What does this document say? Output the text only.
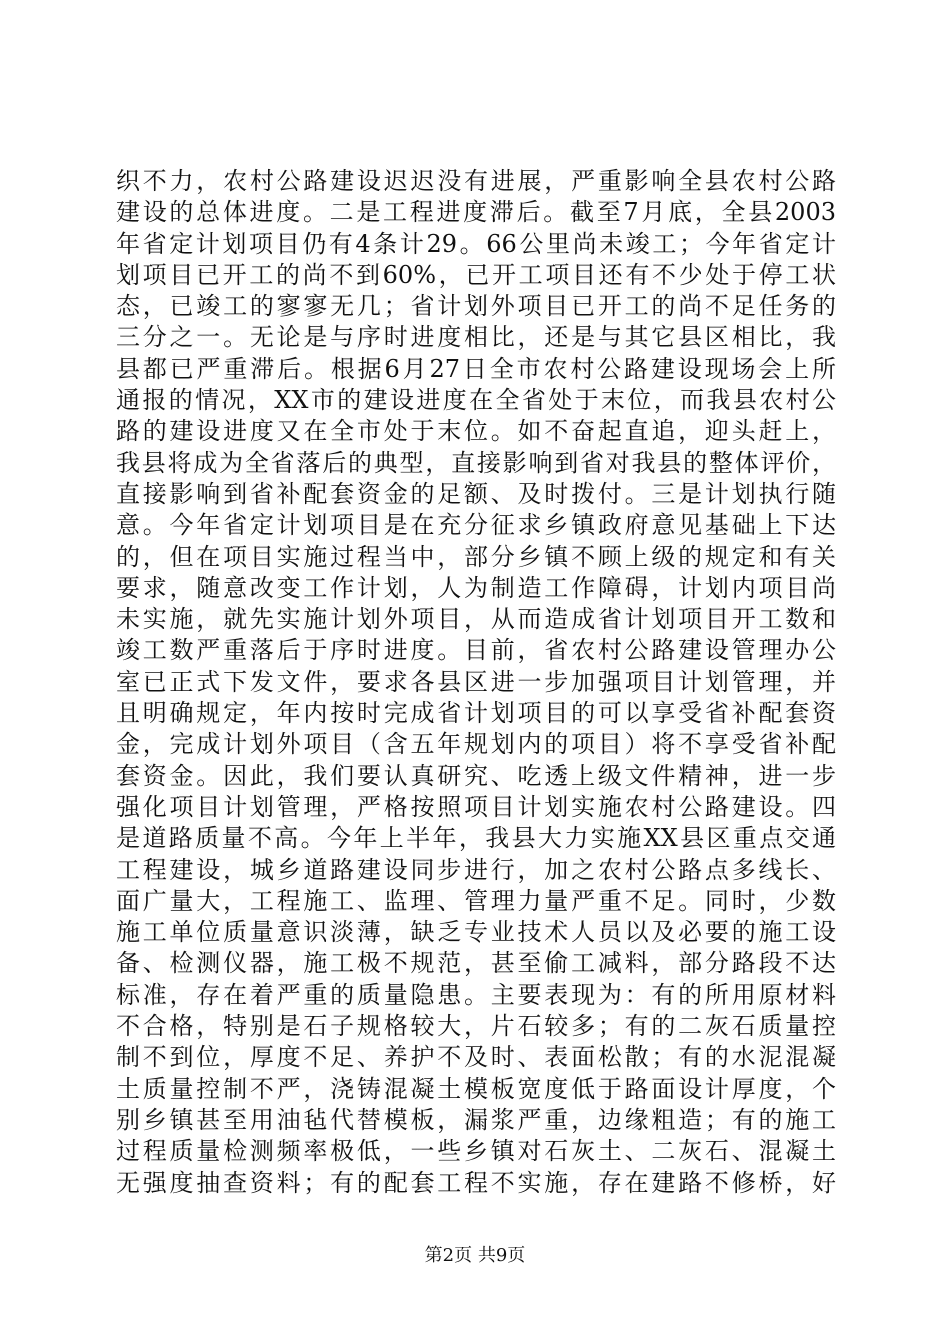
织不力，农村公路建设迟迟没有进展，严重影响全县农村公路
建设的总体进度。二是工程进度滞后。截至7月底，全县2003
年省定计划项目仍有4条计29。66公里尚未竣工；今年省定计
划项目已开工的尚不到60%，已开工项目还有不少处于停工状
态，已竣工的寥寥无几；省计划外项目已开工的尚不足任务的
三分之一。无论是与序时进度相比，还是与其它县区相比，我
县都已严重滞后。根据6月27日全市农村公路建设现场会上所
通报的情况，XX市的建设进度在全省处于末位，而我县农村公
路的建设进度又在全市处于末位。如不奋起直追，迎头赶上，
我县将成为全省落后的典型，直接影响到省对我县的整体评价，
直接影响到省补配套资金的足额、及时拨付。三是计划执行随
意。今年省定计划项目是在充分征求乡镇政府意见基础上下达
的，但在项目实施过程当中，部分乡镇不顾上级的规定和有关
要求，随意改变工作计划，人为制造工作障碍，计划内项目尚
未实施，就先实施计划外项目，从而造成省计划项目开工数和
竣工数严重落后于序时进度。目前，省农村公路建设管理办公
室已正式下发文件，要求各县区进一步加强项目计划管理，并
且明确规定，年内按时完成省计划项目的可以享受省补配套资
金，完成计划外项目（含五年规划内的项目）将不享受省补配
套资金。因此，我们要认真研究、吃透上级文件精神，进一步
强化项目计划管理，严格按照项目计划实施农村公路建设。四
是道路质量不高。今年上半年，我县大力实施XX县区重点交通
工程建设，城乡道路建设同步进行，加之农村公路点多线长、
面广量大，工程施工、监理、管理力量严重不足。同时，少数
施工单位质量意识淡薄，缺乏专业技术人员以及必要的施工设
备、检测仪器，施工极不规范，甚至偷工减料，部分路段不达
标准，存在着严重的质量隐患。主要表现为：有的所用原材料
不合格，特别是石子规格较大，片石较多；有的二灰石质量控
制不到位，厚度不足、养护不及时、表面松散；有的水泥混凝
土质量控制不严，浇铸混凝土模板宽度低于路面设计厚度，个
别乡镇甚至用油毡代替模板，漏浆严重，边缘粗造；有的施工
过程质量检测频率极低，一些乡镇对石灰土、二灰石、混凝土
无强度抽查资料；有的配套工程不实施，存在建路不修桥，好
第2页 共9页
